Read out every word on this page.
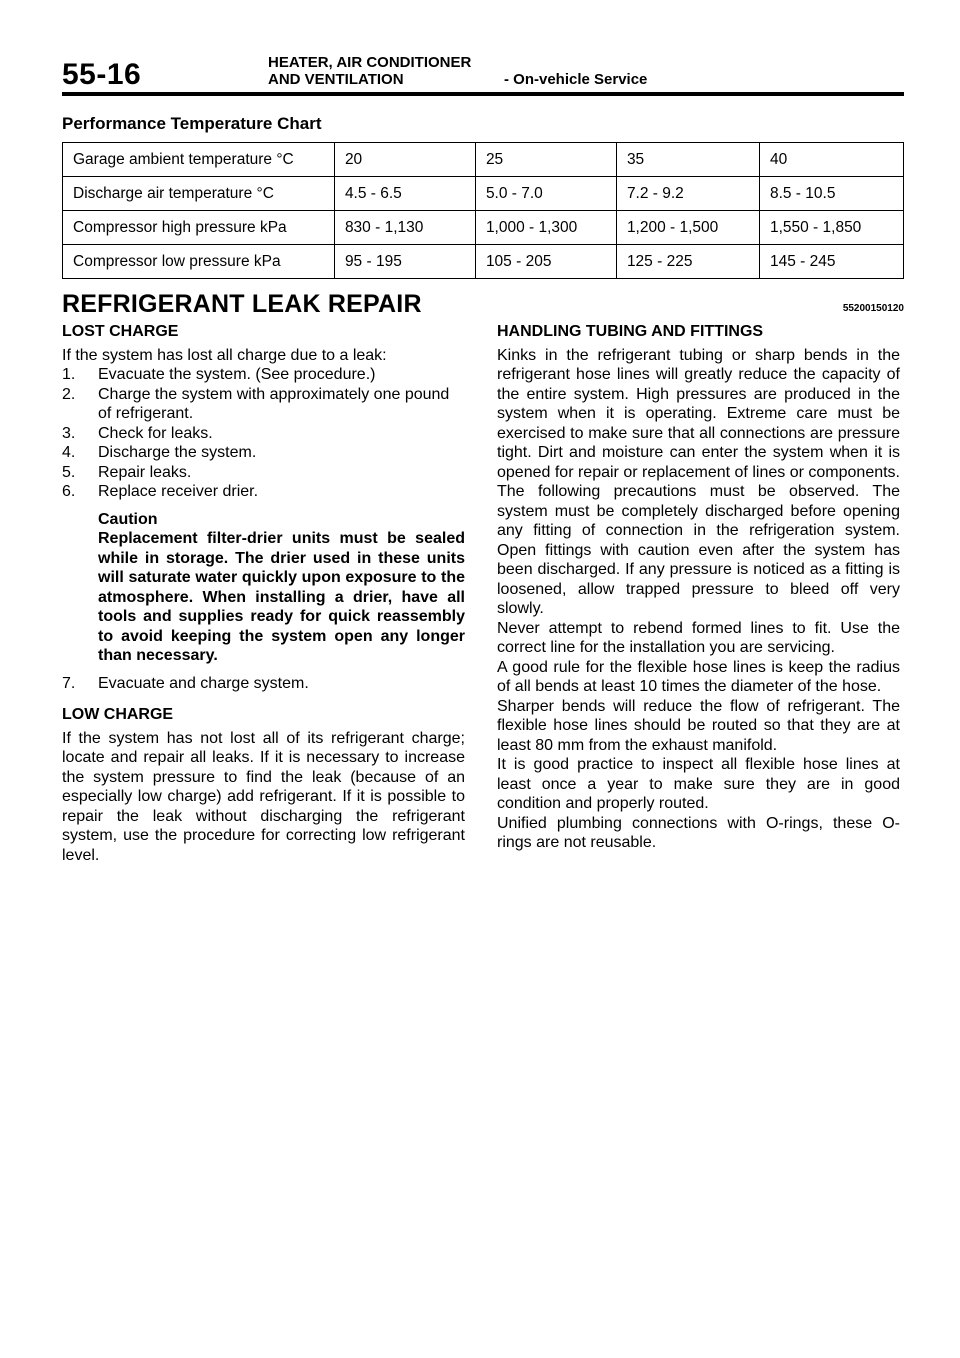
55-16	HEATER, AIR CONDITIONER
AND VENTILATION	- On-vehicle Service
Performance Temperature Chart
Garage ambient temperature °C	20	25	35	40
Discharge air temperature °C	4.5 - 6.5	5.0 - 7.0	7.2 - 9.2	8.5 - 10.5
Compressor high pressure kPa	830 - 1,130	1,000 - 1,300	1,200 - 1,500	1,550 - 1,850
Compressor low pressure kPa	95 - 195	105 - 205	125 - 225	145 - 245
REFRIGERANT LEAK REPAIR	55200150120
LOST CHARGE

If the system has lost all charge due to a leak:

1. Evacuate the system. (See procedure.)
2. Charge the system with approximately one pound of refrigerant.
3. Check for leaks.
4. Discharge the system.
5. Repair leaks.
6. Replace receiver drier.
Caution
Replacement filter-drier units must be sealed while in storage. The drier used in these units will saturate water quickly upon exposure to the atmosphere. When installing a drier, have all tools and supplies ready for quick reassembly to avoid keeping the system open any longer than necessary.
7. Evacuate and charge system.
LOW CHARGE

If the system has not lost all of its refrigerant charge; locate and repair all leaks. If it is necessary to increase the system pressure to find the leak (because of an especially low charge) add refrigerant. If it is possible to repair the leak without discharging the refrigerant system, use the procedure for correcting low refrigerant level.

HANDLING TUBING AND FITTINGS

Kinks in the refrigerant tubing or sharp bends in the refrigerant hose lines will greatly reduce the capacity of the entire system. High pressures are produced in the system when it is operating. Extreme care must be exercised to make sure that all connections are pressure tight. Dirt and moisture can enter the system when it is opened for repair or replacement of lines or components. The following precautions must be observed. The system must be completely discharged before opening any fitting of connection in the refrigeration system. Open fittings with caution even after the system has been discharged. If any pressure is noticed as a fitting is loosened, allow trapped pressure to bleed off very slowly.

Never attempt to rebend formed lines to fit. Use the correct line for the installation you are servicing.

A good rule for the flexible hose lines is keep the radius of all bends at least 10 times the diameter of the hose.

Sharper bends will reduce the flow of refrigerant. The flexible hose lines should be routed so that they are at least 80 mm from the exhaust manifold.

It is good practice to inspect all flexible hose lines at least once a year to make sure they are in good condition and properly routed.

Unified plumbing connections with O-rings, these O-rings are not reusable.
